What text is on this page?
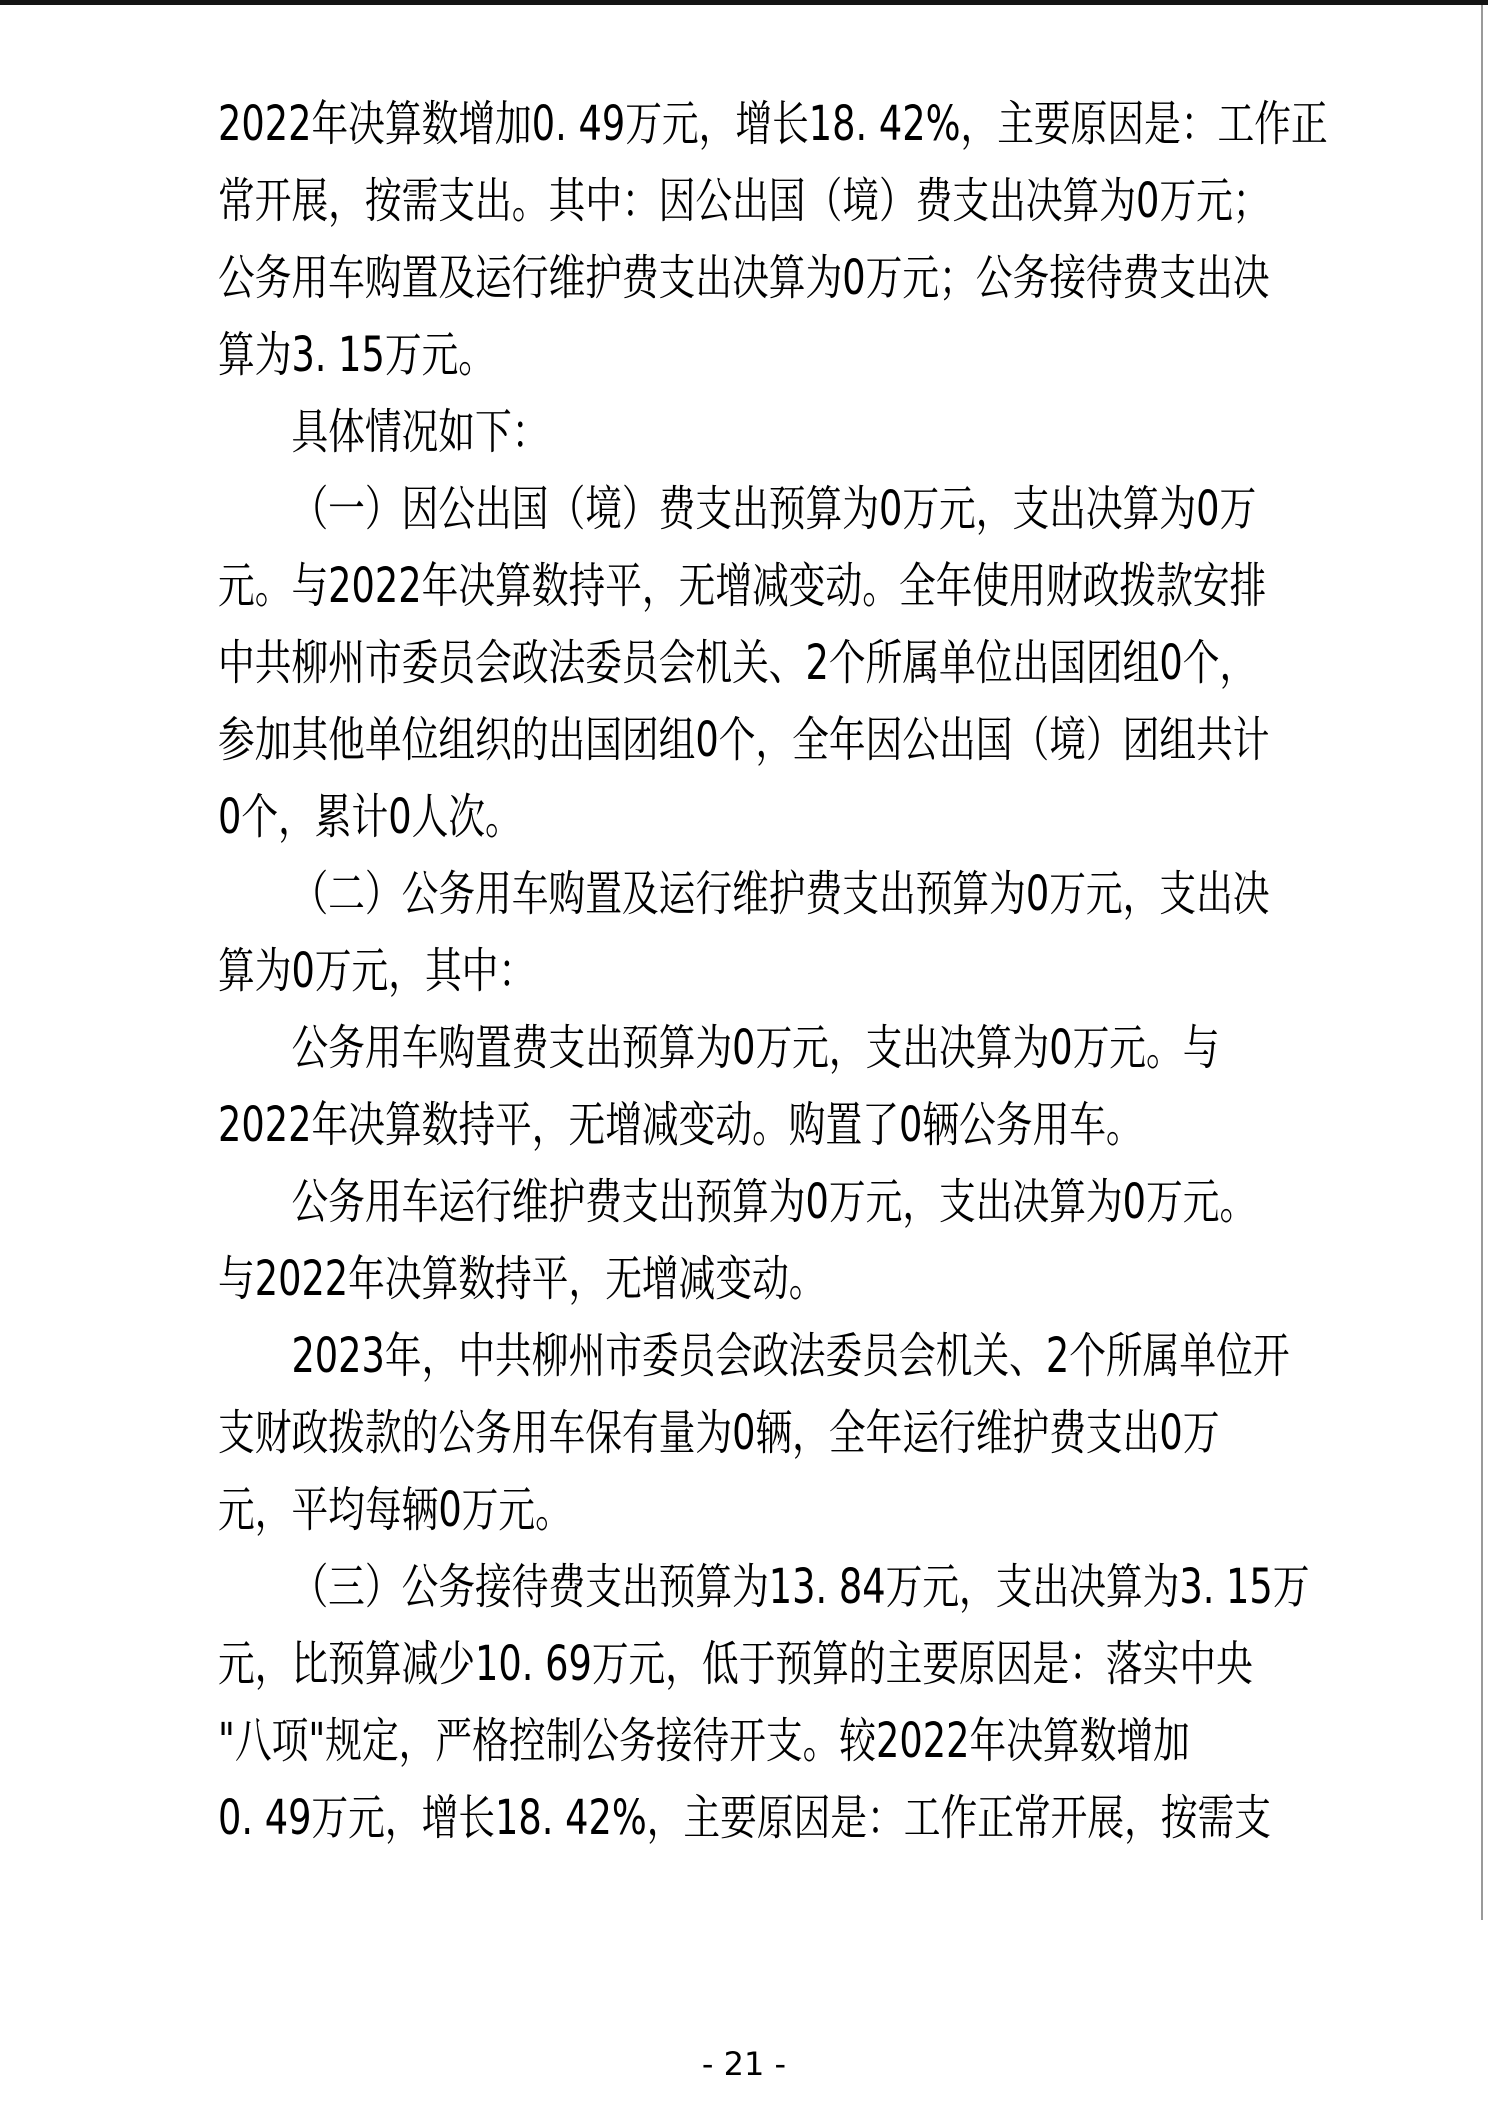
2022年决算数增加0. 49万元，增长18. 42%，主要原因是：工作正
常开展，按需支出。其中：因公出国（境）费支出决算为0万元；
公务用车购置及运行维护费支出决算为0万元；公务接待费支出决
算为3. 15万元。
具体情况如下：
（一）因公出国（境）费支出预算为0万元，支出决算为0万
元。与2022年决算数持平，无增减变动。全年使用财政拨款安排
中共柳州市委员会政法委员会机关、2个所属单位出国团组0个，
参加其他单位组织的出国团组0个，全年因公出国（境）团组共计
0个，累计0人次。
（二）公务用车购置及运行维护费支出预算为0万元，支出决
算为0万元，其中：
公务用车购置费支出预算为0万元，支出决算为0万元。与
2022年决算数持平，无增减变动。购置了0辆公务用车。
公务用车运行维护费支出预算为0万元，支出决算为0万元。
与2022年决算数持平，无增减变动。
2023年，中共柳州市委员会政法委员会机关、2个所属单位开
支财政拨款的公务用车保有量为0辆，全年运行维护费支出0万
元，平均每辆0万元。
（三）公务接待费支出预算为13. 84万元，支出决算为3. 15万
元，比预算减少10. 69万元，低于预算的主要原因是：落实中央
"八项"规定，严格控制公务接待开支。较2022年决算数增加
0. 49万元，增长18. 42%，主要原因是：工作正常开展，按需支
- 21 -
